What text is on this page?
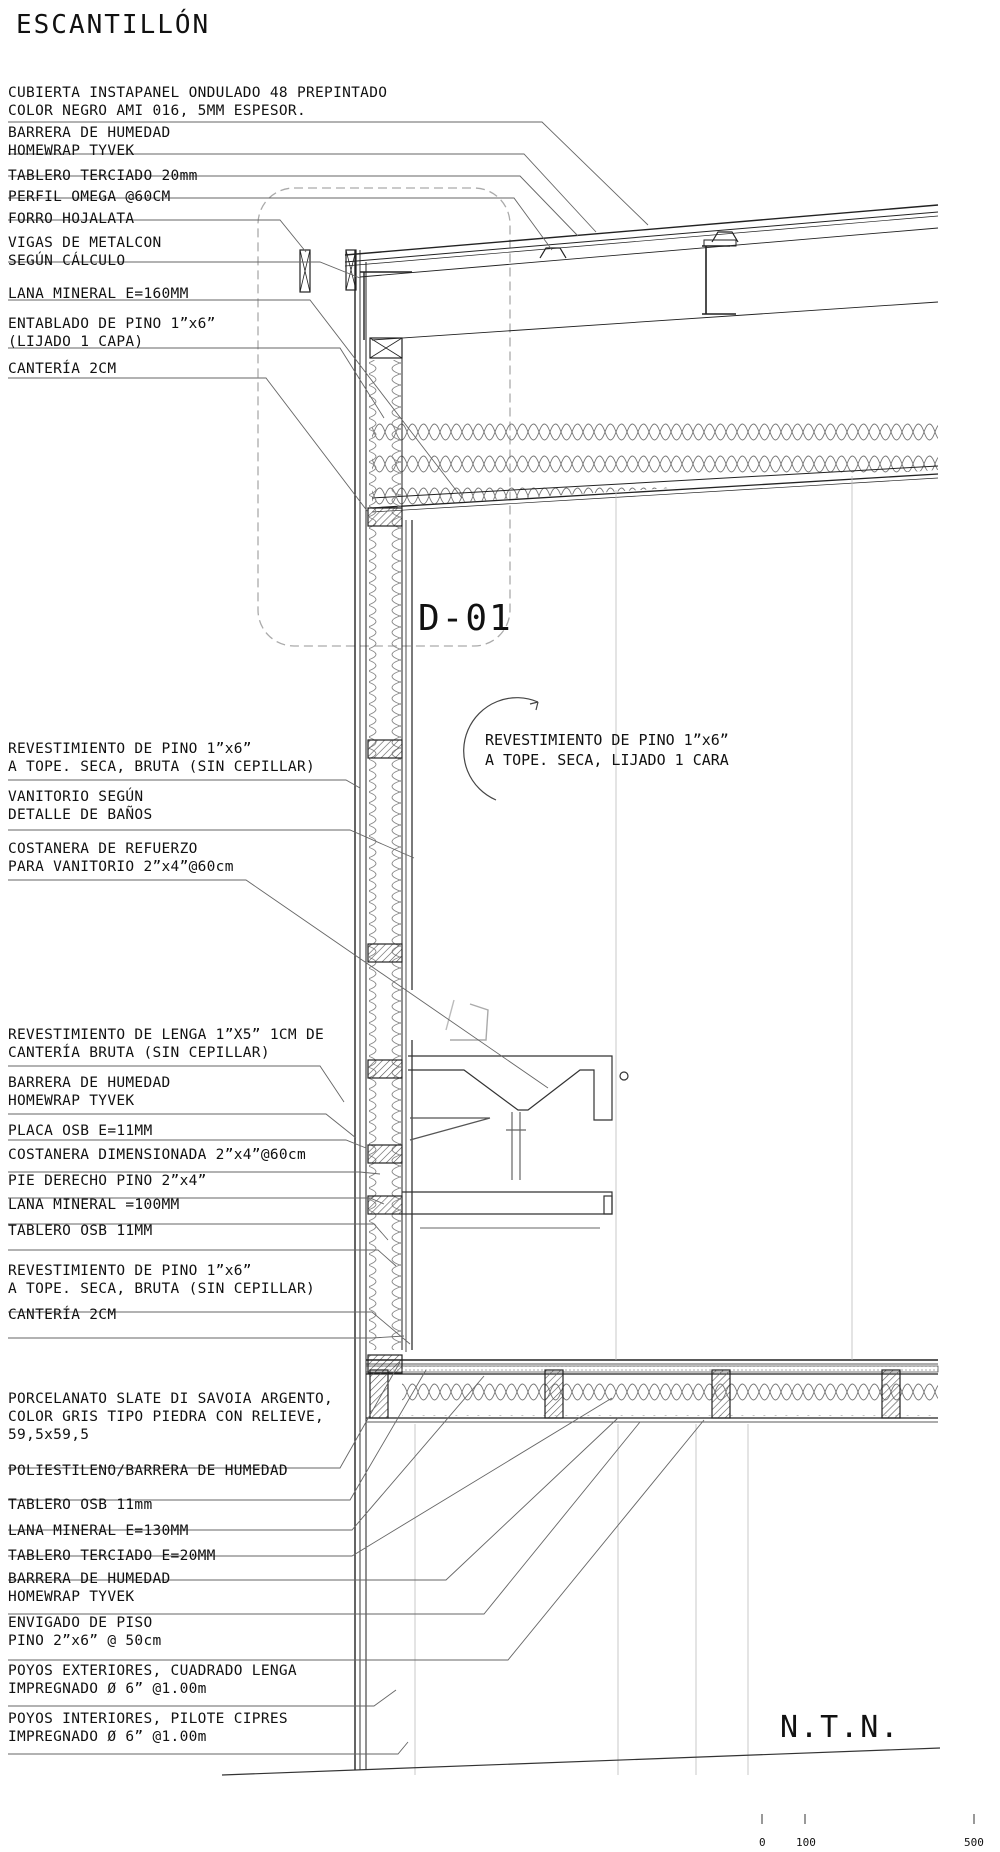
ESCANTILLÓN
D-01
REVESTIMIENTO DE PINO 1”x6”
A TOPE. SECA, LIJADO 1 CARA
N.T.N.
CUBIERTA INSTAPANEL ONDULADO 48 PREPINTADO
COLOR NEGRO AMI 016, 5MM ESPESOR.
BARRERA DE HUMEDAD
HOMEWRAP TYVEK
TABLERO TERCIADO 20mm
PERFIL OMEGA @60CM
FORRO HOJALATA
VIGAS DE METALCON
SEGÚN CÁLCULO
LANA MINERAL E=160MM
ENTABLADO DE PINO 1”x6”
(LIJADO 1 CAPA)
CANTERÍA 2CM
REVESTIMIENTO DE PINO 1”x6”
A TOPE. SECA, BRUTA (SIN CEPILLAR)
VANITORIO SEGÚN
DETALLE DE BAÑOS
COSTANERA DE REFUERZO
PARA VANITORIO 2”x4”@60cm
REVESTIMIENTO DE LENGA 1”X5” 1CM DE
CANTERÍA BRUTA (SIN CEPILLAR)
BARRERA DE HUMEDAD
HOMEWRAP TYVEK
PLACA OSB E=11MM
COSTANERA DIMENSIONADA 2”x4”@60cm
PIE DERECHO PINO 2”x4”
LANA MINERAL =100MM
TABLERO OSB 11MM
REVESTIMIENTO DE PINO 1”x6”
A TOPE. SECA, BRUTA (SIN CEPILLAR)
CANTERÍA 2CM
PORCELANATO SLATE DI SAVOIA ARGENTO,
COLOR GRIS TIPO PIEDRA CON RELIEVE,
59,5x59,5
POLIESTILENO/BARRERA DE HUMEDAD
TABLERO OSB 11mm
LANA MINERAL E=130MM
TABLERO TERCIADO E=20MM
BARRERA DE HUMEDAD
HOMEWRAP TYVEK
ENVIGADO DE PISO
PINO 2”x6” @ 50cm
POYOS EXTERIORES, CUADRADO LENGA
IMPREGNADO Ø 6” @1.00m
POYOS INTERIORES, PILOTE CIPRES
IMPREGNADO Ø 6” @1.00m
0	100	500
